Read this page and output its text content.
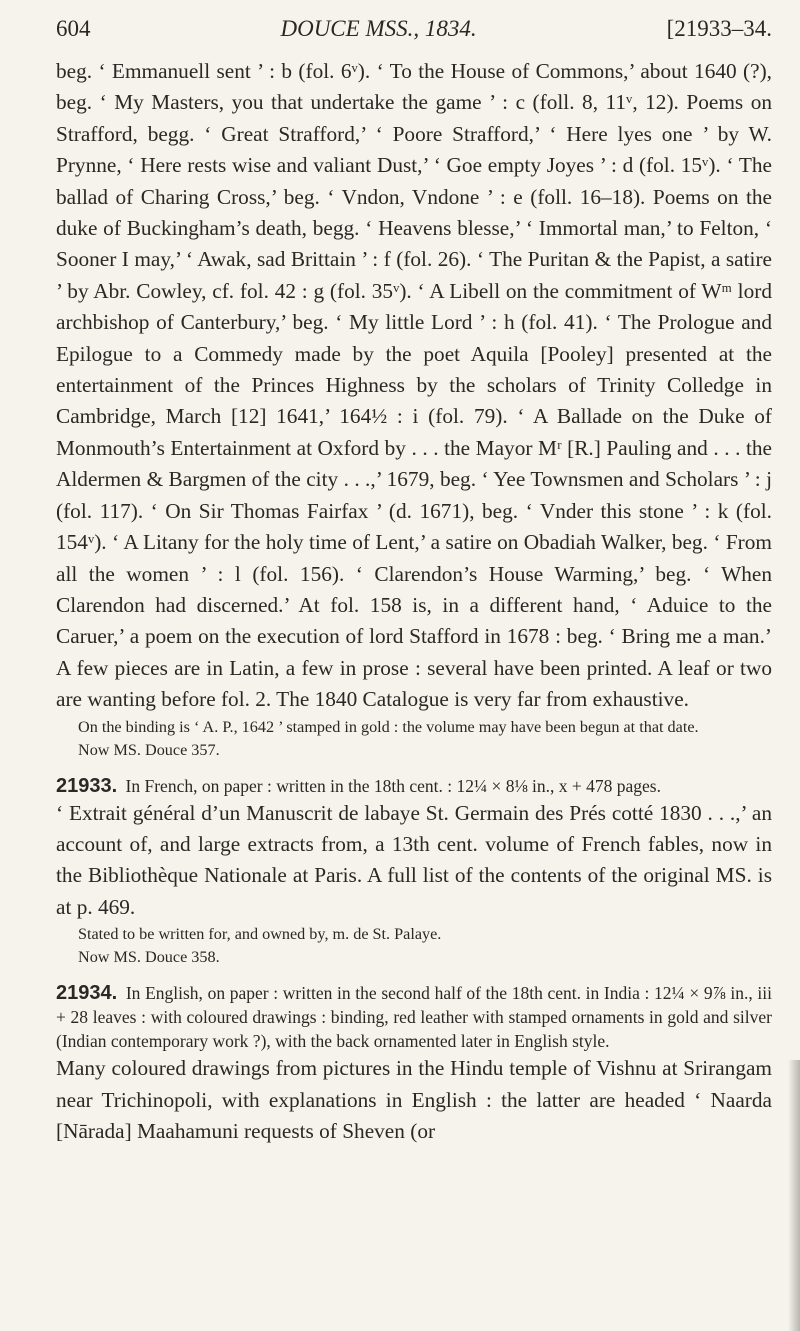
604	DOUCE MSS., 1834.	[21933–34.

beg. ‘ Emmanuell sent ’ : b (fol. 6ᵛ). ‘ To the House of Commons,’ about 1640 (?), beg. ‘ My Masters, you that undertake the game ’ : c (foll. 8, 11ᵛ, 12). Poems on Strafford, begg. ‘ Great Strafford,’ ‘ Poore Strafford,’ ‘ Here lyes one ’ by W. Prynne, ‘ Here rests wise and valiant Dust,’ ‘ Goe empty Joyes ’ : d (fol. 15ᵛ). ‘ The ballad of Charing Cross,’ beg. ‘ Vndon, Vndone ’ : e (foll. 16–18). Poems on the duke of Buckingham’s death, begg. ‘ Heavens blesse,’ ‘ Immortal man,’ to Felton, ‘ Sooner I may,’ ‘ Awak, sad Brittain ’ : f (fol. 26). ‘ The Puritan & the Papist, a satire ’ by Abr. Cowley, cf. fol. 42 : g (fol. 35ᵛ). ‘ A Libell on the commitment of Wᵐ lord archbishop of Canterbury,’ beg. ‘ My little Lord ’ : h (fol. 41). ‘ The Prologue and Epilogue to a Commedy made by the poet Aquila [Pooley] presented at the entertainment of the Princes Highness by the scholars of Trinity Colledge in Cambridge, March [12] 1641,’ 164½ : i (fol. 79). ‘ A Ballade on the Duke of Monmouth’s Entertainment at Oxford by . . . the Mayor Mʳ [R.] Pauling and . . . the Aldermen & Bargmen of the city . . .,’ 1679, beg. ‘ Yee Townsmen and Scholars ’ : j (fol. 117). ‘ On Sir Thomas Fairfax ’ (d. 1671), beg. ‘ Vnder this stone ’ : k (fol. 154ᵛ). ‘ A Litany for the holy time of Lent,’ a satire on Obadiah Walker, beg. ‘ From all the women ’ : l (fol. 156). ‘ Clarendon’s House Warming,’ beg. ‘ When Clarendon had discerned.’ At fol. 158 is, in a different hand, ‘ Aduice to the Caruer,’ a poem on the execution of lord Stafford in 1678 : beg. ‘ Bring me a man.’ A few pieces are in Latin, a few in prose : several have been printed. A leaf or two are wanting before fol. 2. The 1840 Catalogue is very far from exhaustive.

On the binding is ‘ A. P., 1642 ’ stamped in gold : the volume may have been begun at that date.

Now MS. Douce 357.

21933. In French, on paper : written in the 18th cent. : 12¼ × 8⅛ in., x + 478 pages.

‘ Extrait général d’un Manuscrit de labaye St. Germain des Prés cotté 1830 . . .,’ an account of, and large extracts from, a 13th cent. volume of French fables, now in the Bibliothèque Nationale at Paris. A full list of the contents of the original MS. is at p. 469.

Stated to be written for, and owned by, m. de St. Palaye.

Now MS. Douce 358.

21934. In English, on paper : written in the second half of the 18th cent. in India : 12¼ × 9⅞ in., iii + 28 leaves : with coloured drawings : binding, red leather with stamped ornaments in gold and silver (Indian contemporary work ?), with the back ornamented later in English style.

Many coloured drawings from pictures in the Hindu temple of Vishnu at Srirangam near Trichinopoli, with explanations in English : the latter are headed ‘ Naarda [Nārada] Maahamuni requests of Sheven (or
